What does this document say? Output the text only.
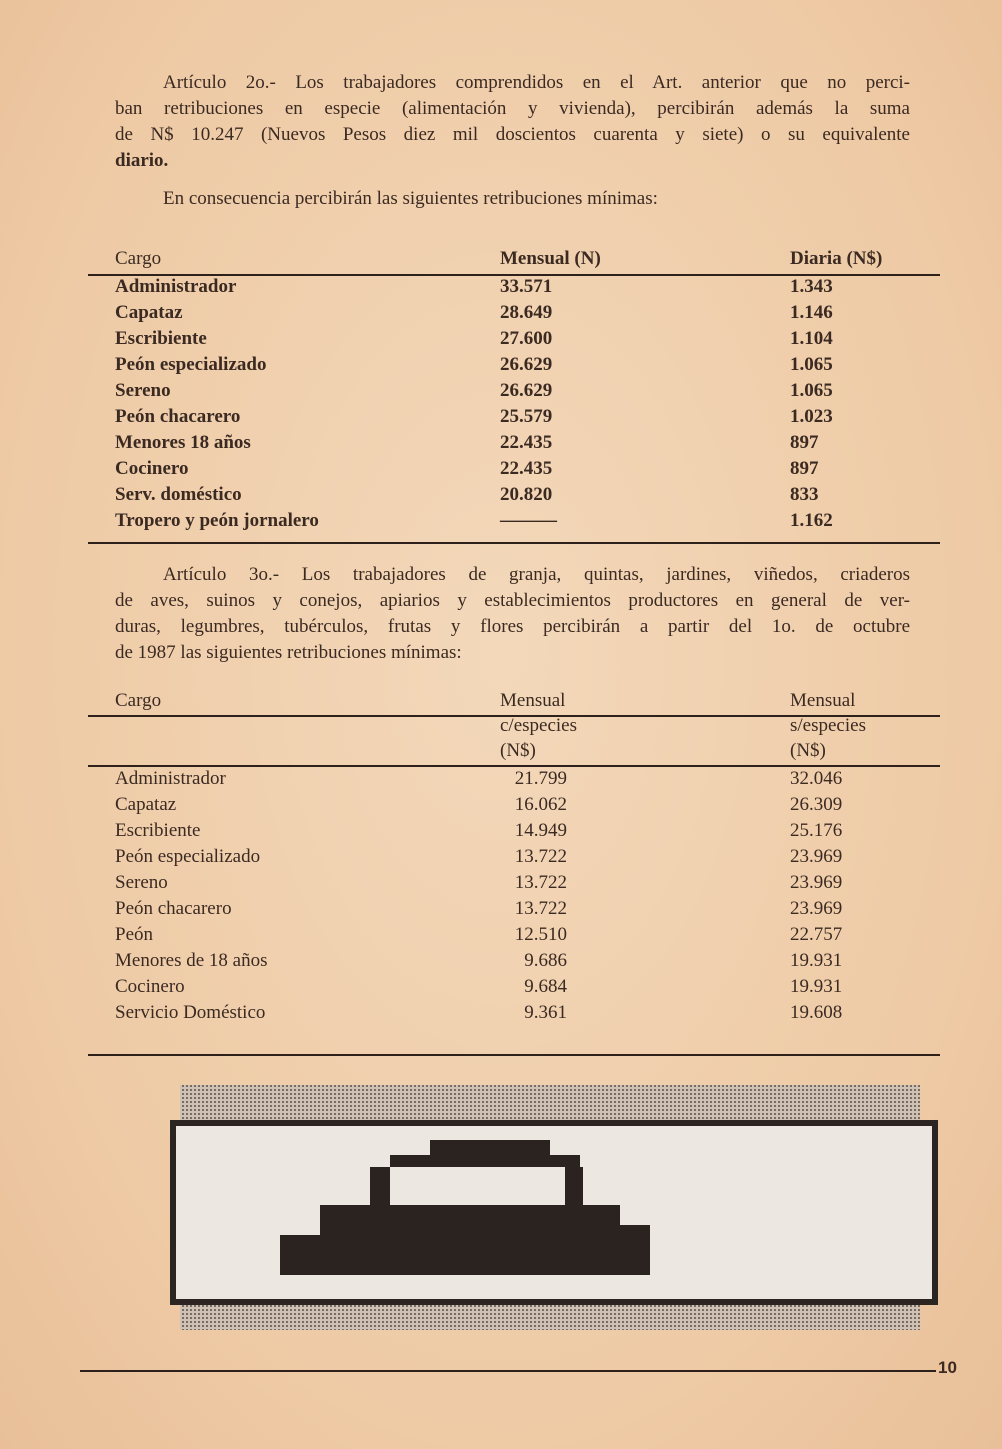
Artículo 2o.- Los trabajadores comprendidos en el Art. anterior que no perci-
ban retribuciones en especie (alimentación y vivienda), percibirán además la suma
de N$ 10.247 (Nuevos Pesos diez mil doscientos cuarenta y siete) o su equivalente
diario.
En consecuencia percibirán las siguientes retribuciones mínimas:
Cargo	Mensual (N)	Diaria (N$)
Administrador	33.571	1.343
Capataz	28.649	1.146
Escribiente	27.600	1.104
Peón especializado	26.629	1.065
Sereno	26.629	1.065
Peón chacarero	25.579	1.023
Menores 18 años	22.435	897
Cocinero	22.435	897
Serv. doméstico	20.820	833
Tropero y peón jornalero	———	1.162
Artículo 3o.- Los trabajadores de granja, quintas, jardines, viñedos, criaderos
de aves, suinos y conejos, apiarios y establecimientos productores en general de ver-
duras, legumbres, tubérculos, frutas y flores percibirán a partir del 1o. de octubre
de 1987 las siguientes retribuciones mínimas:
Cargo	Mensual	Mensual
c/especies	s/especies
(N$)	(N$)
Administrador	21.799	32.046
Capataz	16.062	26.309
Escribiente	14.949	25.176
Peón especializado	13.722	23.969
Sereno	13.722	23.969
Peón chacarero	13.722	23.969
Peón	12.510	22.757
Menores de 18 años	9.686	19.931
Cocinero	9.684	19.931
Servicio Doméstico	9.361	19.608
10
